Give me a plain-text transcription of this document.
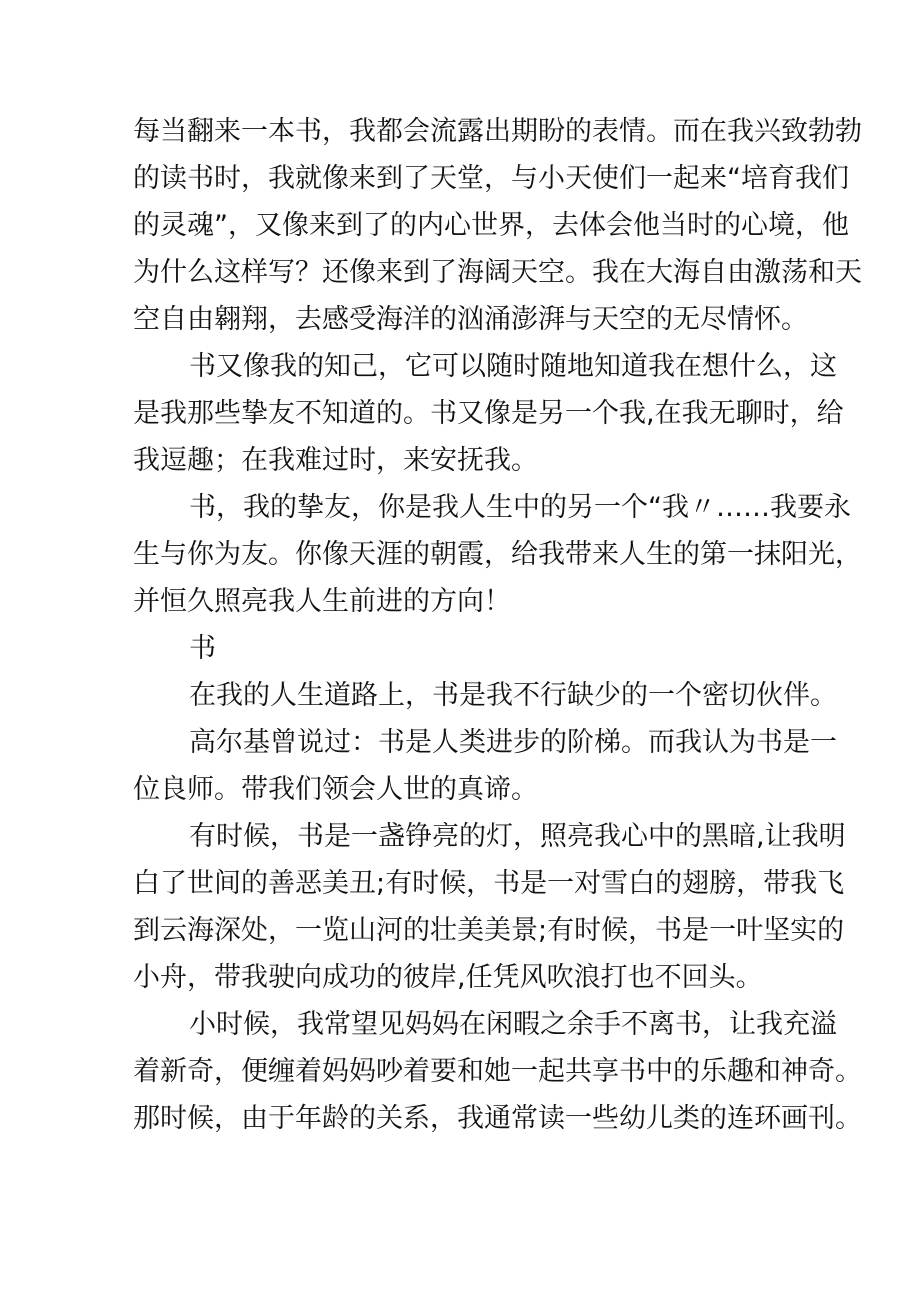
每当翻来一本书，我都会流露出期盼的表情。而在我兴致勃勃
的读书时，我就像来到了天堂，与小天使们一起来“培育我们
的灵魂”，又像来到了的内心世界，去体会他当时的心境，他
为什么这样写？还像来到了海阔天空。我在大海自由激荡和天
空自由翱翔，去感受海洋的汹涌澎湃与天空的无尽情怀。
书又像我的知己，它可以随时随地知道我在想什么，这
是我那些挚友不知道的。书又像是另一个我,在我无聊时，给
我逗趣；在我难过时，来安抚我。
书，我的挚友，你是我人生中的另一个“我〃……我要永
生与你为友。你像天涯的朝霞，给我带来人生的第一抹阳光，
并恒久照亮我人生前进的方向！
书
在我的人生道路上，书是我不行缺少的一个密切伙伴。
高尔基曾说过：书是人类进步的阶梯。而我认为书是一
位良师。带我们领会人世的真谛。
有时候，书是一盏铮亮的灯，照亮我心中的黑暗,让我明
白了世间的善恶美丑;有时候，书是一对雪白的翅膀，带我飞
到云海深处，一览山河的壮美美景;有时候，书是一叶坚实的
小舟，带我驶向成功的彼岸,任凭风吹浪打也不回头。
小时候，我常望见妈妈在闲暇之余手不离书，让我充溢
着新奇，便缠着妈妈吵着要和她一起共享书中的乐趣和神奇。
那时候，由于年龄的关系，我通常读一些幼儿类的连环画刊。
